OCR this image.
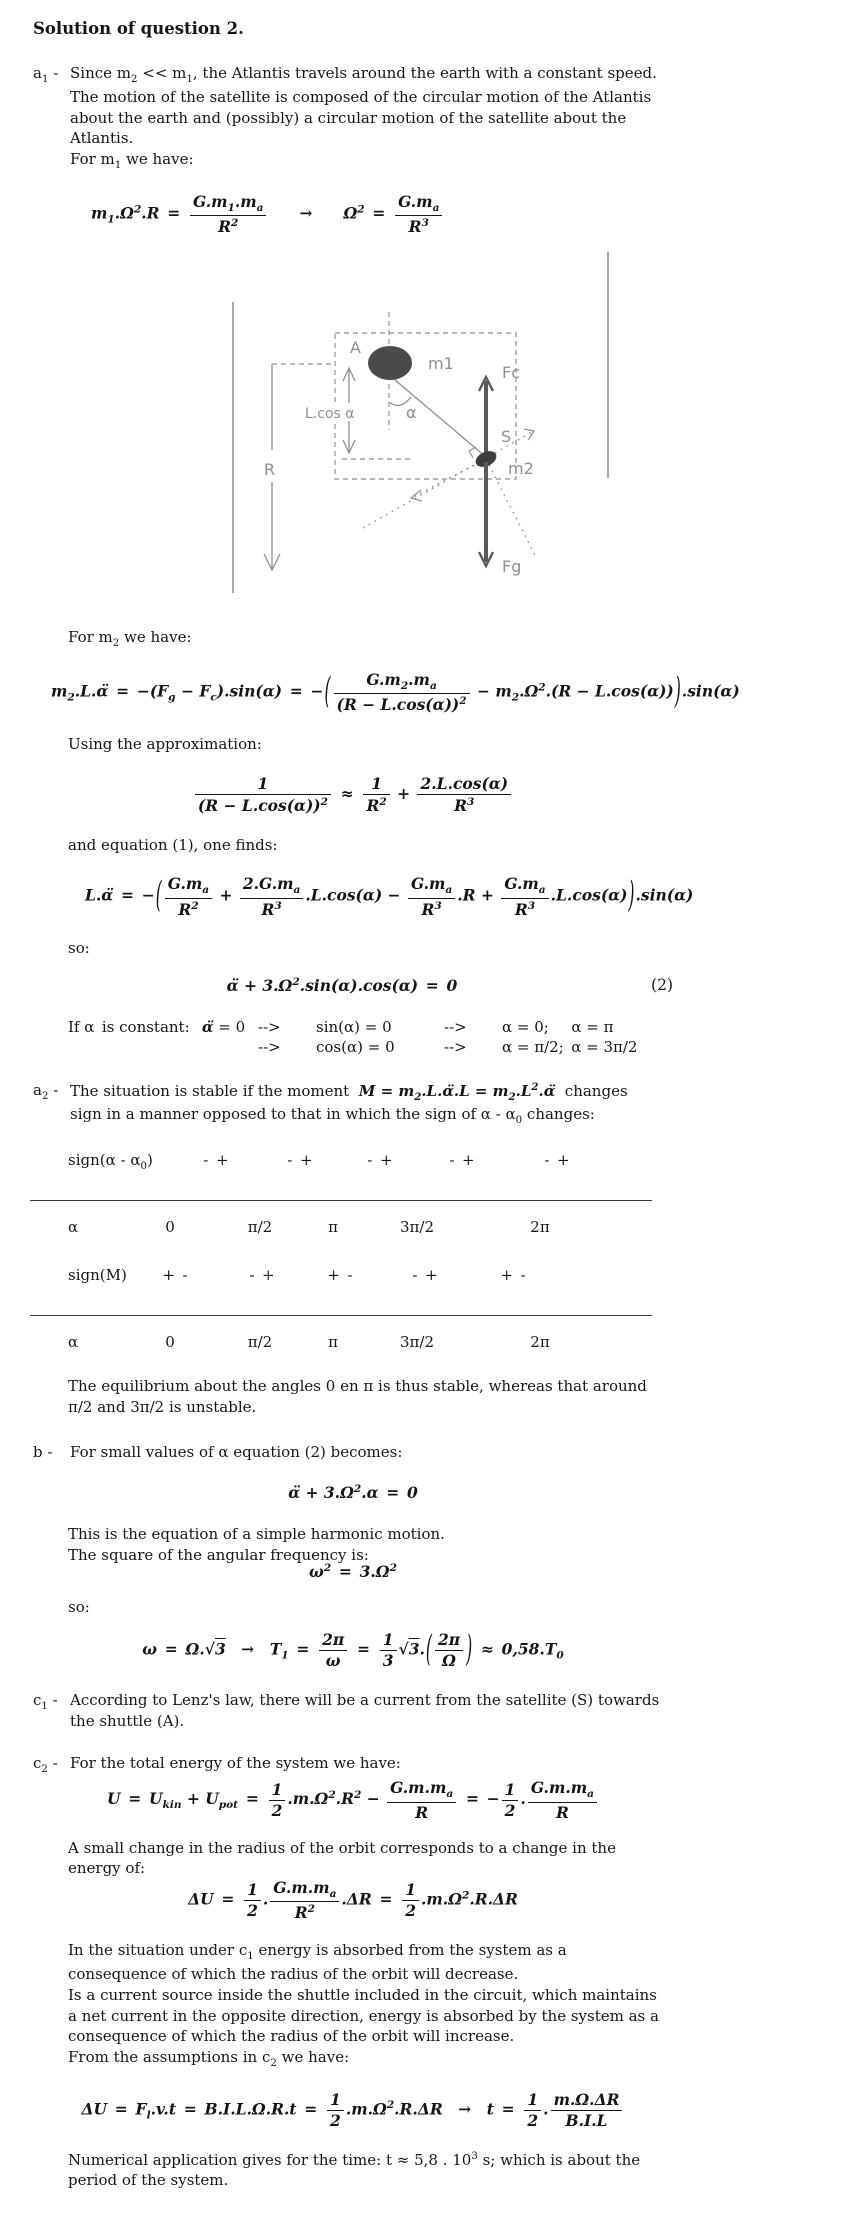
Solution of question 2.
$a_1$ - Since $m_2 << m_1$, the Atlantis travels around the earth with a constant speed. The motion of the satellite is composed of the circular motion of the Atlantis about the earth and (possibly) a circular motion of the satellite about the Atlantis.
For $m_1$ we have:
$m_1.\Omega^2.R$ =  $\frac{G.m_1.m_a}{R^2}$   →  $\Omega^2$ =  $\frac{G.m_a}{R^3}$
R
A
m1
α
L.cos α
Fc
S
m2
Fg
For $m_2$ we have:
$m_2.L.\alphä$ = $-(F_g - F_c).\sin(\alpha)$ = −( $\frac{G.m_2.m_a}{(R - L.\cos(\alpha))^2} - m_2.\Omega^2.(R - L.\cos(\alpha))).\sin(\alpha)$
Using the approximation:
$\frac{1}{(R - L.\cos(\alpha))^2}$  ≈  $\frac{1}{R^2} + \frac{2.L.\cos(\alpha)}{R^3}$
and equation (1), one finds:
L.α̈ = −( $\frac{G.m_a}{R^2} + \frac{2.G.m_a}{R^3} .L.\cos(\alpha) - \frac{G.m_a}{R^3} .R + \frac{G.m_a}{R^3} .L.\cos(\alpha)).\sin(\alpha)$
so:
(2)
α̈ + $3.\Omega^2.\sin(\alpha).\cos(\alpha)$ = 0
If α is constant:  α̈ = 0 -->	sin(α) = 0	-->	α = 0;  α = π
-->	cos(α) = 0	-->	α = π/2; α = 3π/2
$a_2$ - The situation is stable if the moment  $M = m_2.L.\alphä.L$ = $m_2.L^2.\alphä$  changes sign in a manner opposed to that in which the sign of α - $\alpha_0$ changes:
sign(α - $\alpha_0$)	- +	- +	- +	- +	- +
α	0	π/2	π	3π/2	2π
sign(M) + -	- +	+ -	- +	+ -
α	0	π/2	π	3π/2	2π
The equilibrium about the angles 0 en π is thus stable, whereas that around π/2 and 3π/2 is unstable.
b -	For small values of α equation (2) becomes:
α̈ + $3.\Omega^2.\alpha$ = 0
This is the equation of a simple harmonic motion.
The square of the angular frequency is:
$\omega^2$ = $3.\Omega^2$
so:
ω = Ω.√3 → $T_1$ =  $\frac{2\pi}{\omega}$  =  $\frac{1}{3} √3.( \frac{2\pi}{\Omega}$ ) ≈ $0,58.T_0$
$c_1$ - According to Lenz's law, there will be a current from the satellite (S) towards the shuttle (A).
$c_2$ - For the total energy of the system we have:
U = $U_{kin} + U_{pot}$ =  $\frac{1}{2} .m.\Omega^2.R^2 - \frac{G.m.m_a}{R}$  = − $\frac{1}{2}$ . $\frac{G.m.m_a}{R}$
A small change in the radius of the orbit corresponds to a change in the energy of:
ΔU =  $\frac{1}{2}$ . $\frac{G.m.m_a}{R^2} .\Delta R$ =  $\frac{1}{2} .m.\Omega^2.R.\Delta R$
In the situation under $c_1$ energy is absorbed from the system as a consequence of which the radius of the orbit will decrease.
Is a current source inside the shuttle included in the circuit, which maintains a net current in the opposite direction, energy is absorbed by the system as a consequence of which the radius of the orbit will increase.
From the assumptions in $c_2$ we have:
ΔU = $F_l.v.t$ = B.I.L.Ω.R.t =  $\frac{1}{2} .m.\Omega^2.R.\Delta R$ → t =  $\frac{1}{2}$ . $\frac{m.\Omega.\Delta R}{B.I.L}$
Numerical application gives for the time: t ≈ 5,8 . $10^3$ s; which is about the period of the system.
